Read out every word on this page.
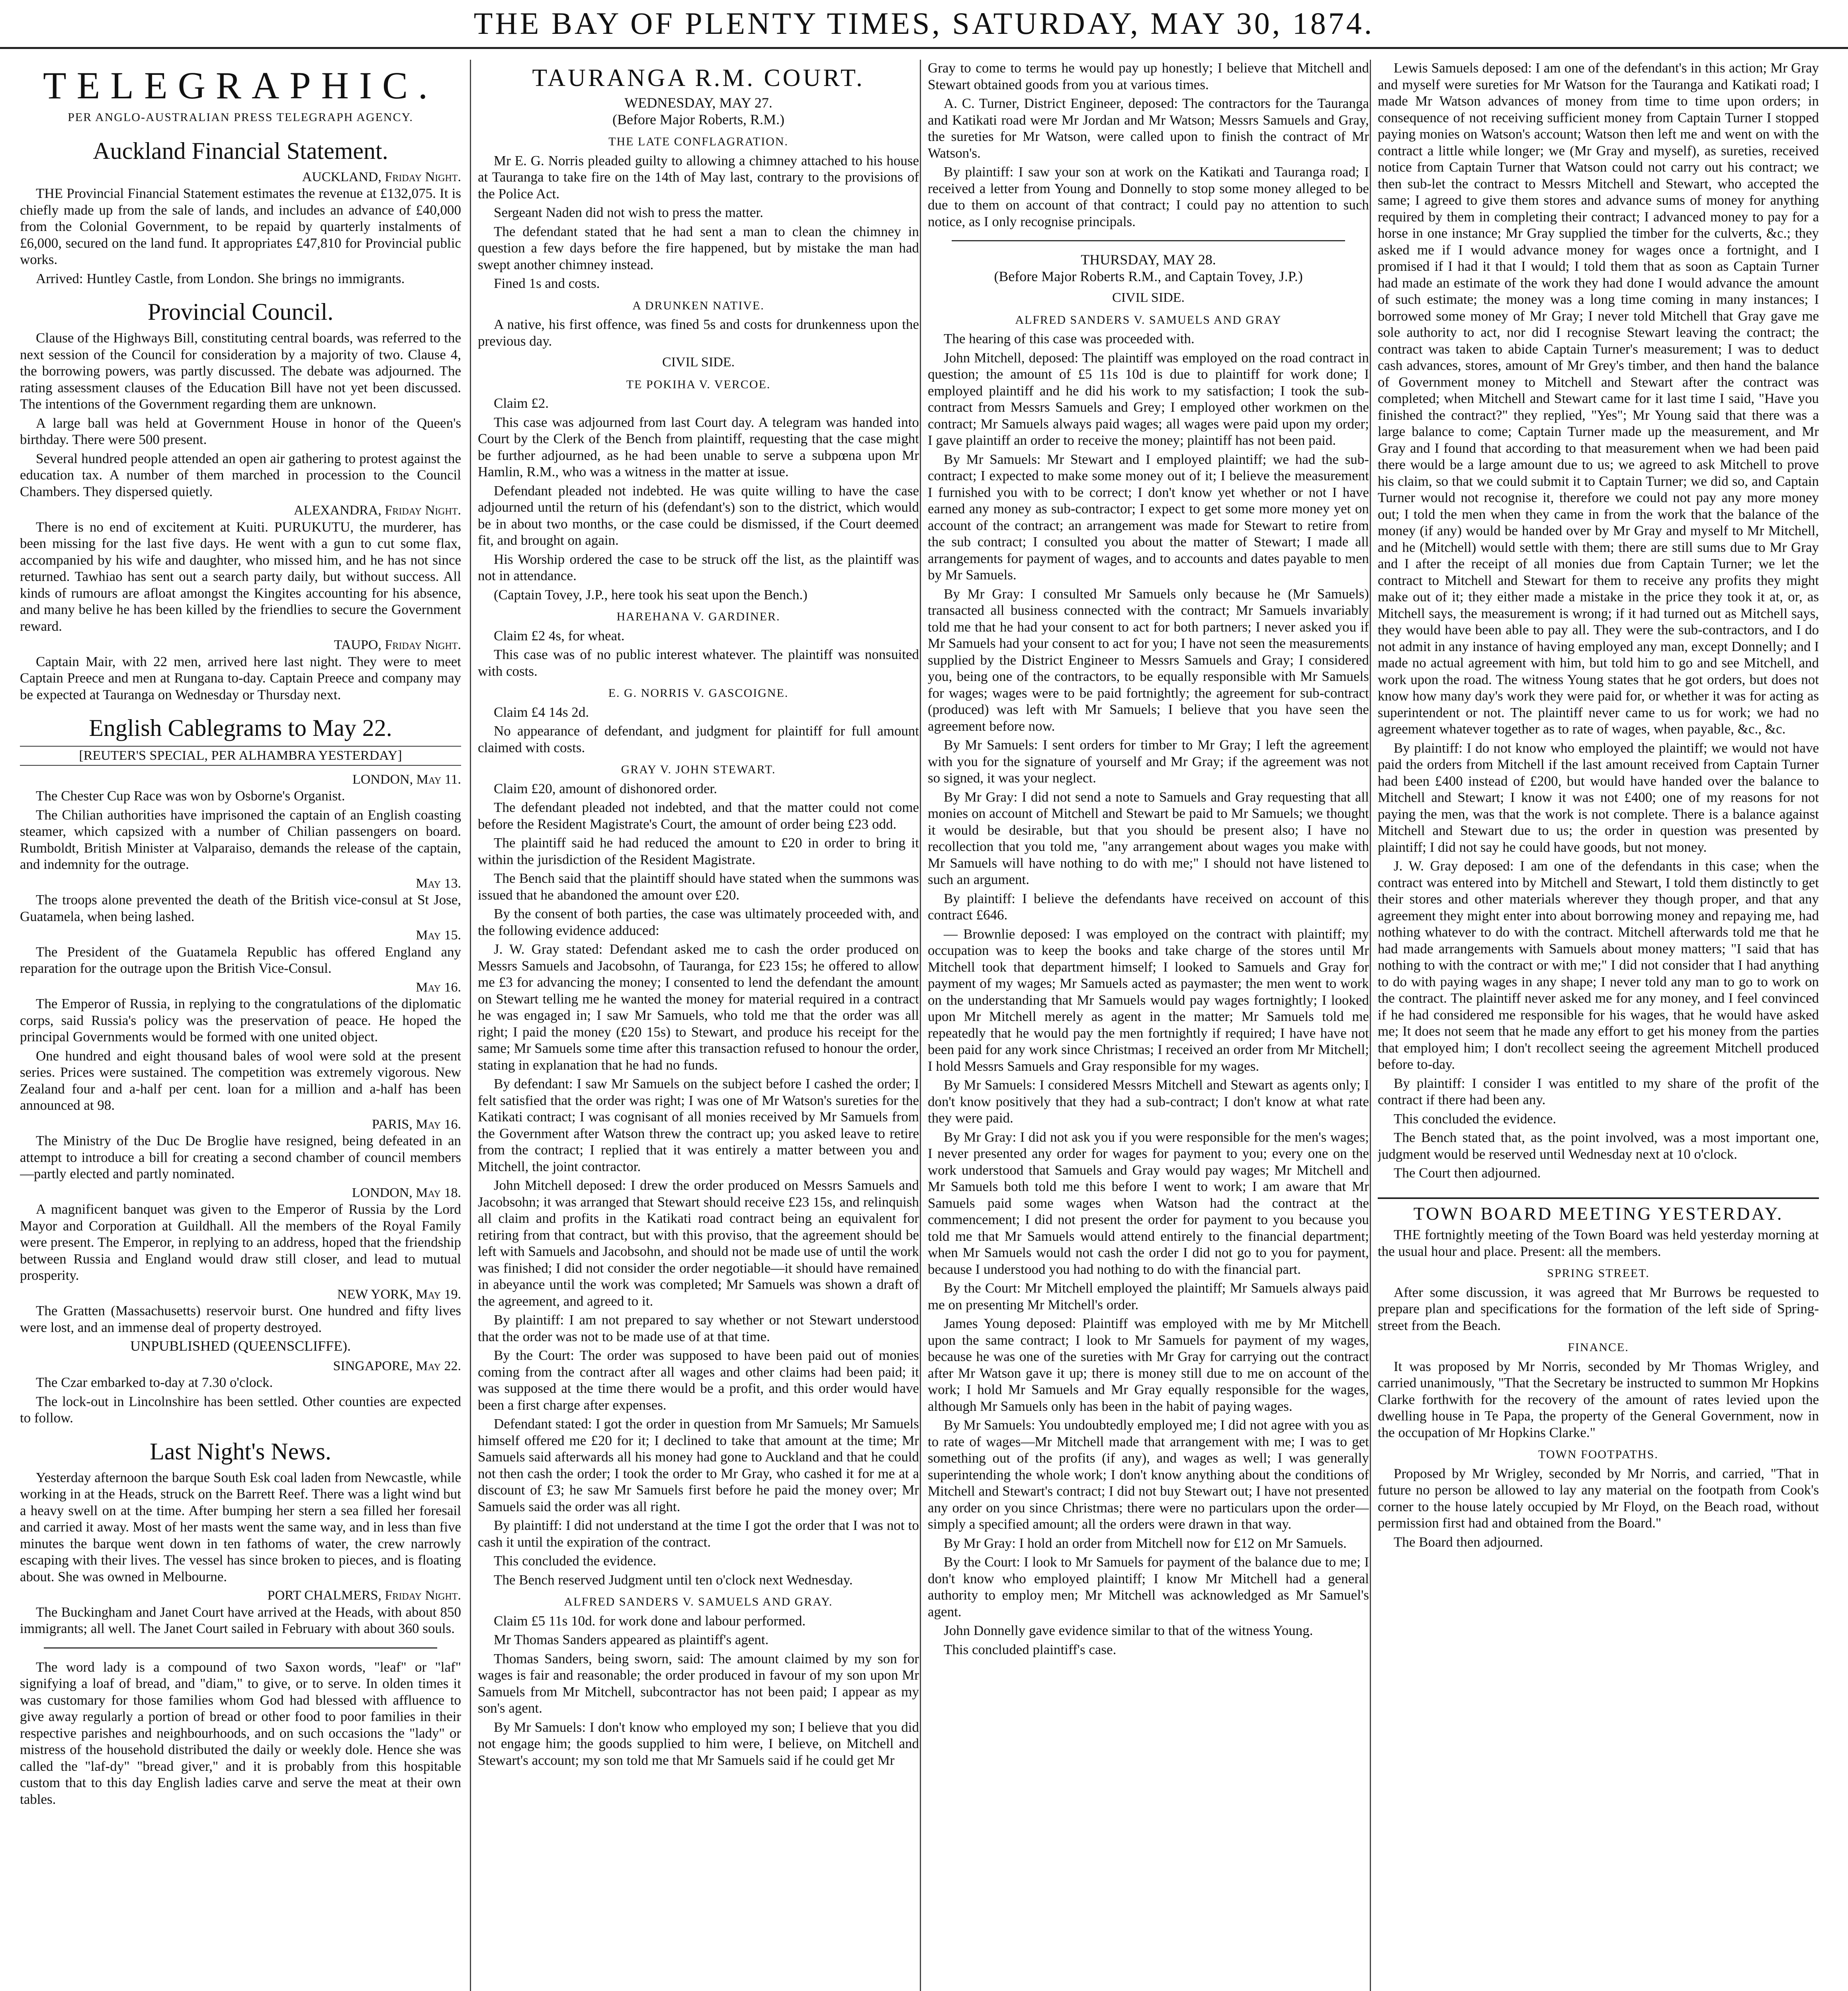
THE BAY OF PLENTY TIMES, SATURDAY, MAY 30, 1874.
TELEGRAPHIC.
PER ANGLO-AUSTRALIAN PRESS TELEGRAPH AGENCY.
Auckland Financial Statement.
AUCKLAND, Friday Night.

THE Provincial Financial Statement estimates the revenue at £132,075. It is chiefly made up from the sale of lands, and includes an advance of £40,000 from the Colonial Government, to be repaid by quarterly instalments of £6,000, secured on the land fund. It appropriates £47,810 for Provincial public works.

Arrived: Huntley Castle, from London. She brings no immigrants.

Provincial Council.

Clause of the Highways Bill, constituting central boards, was referred to the next session of the Council for consideration by a majority of two. Clause 4, the borrowing powers, was partly discussed. The debate was adjourned. The rating assessment clauses of the Education Bill have not yet been discussed. The intentions of the Government regarding them are unknown.

A large ball was held at Government House in honor of the Queen's birthday. There were 500 present.

Several hundred people attended an open air gathering to protest against the education tax. A number of them marched in procession to the Council Chambers. They dispersed quietly.

ALEXANDRA, Friday Night.

There is no end of excitement at Kuiti. PURUKUTU, the murderer, has been missing for the last five days. He went with a gun to cut some flax, accompanied by his wife and daughter, who missed him, and he has not since returned. Tawhiao has sent out a search party daily, but without success. All kinds of rumours are afloat amongst the Kingites accounting for his absence, and many belive he has been killed by the friendlies to secure the Government reward.

TAUPO, Friday Night.

Captain Mair, with 22 men, arrived here last night. They were to meet Captain Preece and men at Rungana to-day. Captain Preece and company may be expected at Tauranga on Wednesday or Thursday next.

English Cablegrams to May 22.
[REUTER'S SPECIAL, PER ALHAMBRA YESTERDAY]
LONDON, May 11.

The Chester Cup Race was won by Osborne's Organist.

The Chilian authorities have imprisoned the captain of an English coasting steamer, which capsized with a number of Chilian passengers on board. Rumboldt, British Minister at Valparaiso, demands the release of the captain, and indemnity for the outrage.

May 13.

The troops alone prevented the death of the British vice-consul at St Jose, Guatamela, when being lashed.

May 15.

The President of the Guatamela Republic has offered England any reparation for the outrage upon the British Vice-Consul.

May 16.

The Emperor of Russia, in replying to the congratulations of the diplomatic corps, said Russia's policy was the preservation of peace. He hoped the principal Governments would be formed with one united object.

One hundred and eight thousand bales of wool were sold at the present series. Prices were sustained. The competition was extremely vigorous. New Zealand four and a-half per cent. loan for a million and a-half has been announced at 98.

PARIS, May 16.

The Ministry of the Duc De Broglie have resigned, being defeated in an attempt to introduce a bill for creating a second chamber of council members—partly elected and partly nominated.

LONDON, May 18.

A magnificent banquet was given to the Emperor of Russia by the Lord Mayor and Corporation at Guildhall. All the members of the Royal Family were present. The Emperor, in replying to an address, hoped that the friendship between Russia and England would draw still closer, and lead to mutual prosperity.

NEW YORK, May 19.

The Gratten (Massachusetts) reservoir burst. One hundred and fifty lives were lost, and an immense deal of property destroyed.

UNPUBLISHED (QUEENSCLIFFE).
SINGAPORE, May 22.

The Czar embarked to-day at 7.30 o'clock.

The lock-out in Lincolnshire has been settled. Other counties are expected to follow.

Last Night's News.

Yesterday afternoon the barque South Esk coal laden from Newcastle, while working in at the Heads, struck on the Barrett Reef. There was a light wind but a heavy swell on at the time. After bumping her stern a sea filled her foresail and carried it away. Most of her masts went the same way, and in less than five minutes the barque went down in ten fathoms of water, the crew narrowly escaping with their lives. The vessel has since broken to pieces, and is floating about. She was owned in Melbourne.

PORT CHALMERS, Friday Night.

The Buckingham and Janet Court have arrived at the Heads, with about 850 immigrants; all well. The Janet Court sailed in February with about 360 souls.

The word lady is a compound of two Saxon words, "leaf" or "laf" signifying a loaf of bread, and "diam," to give, or to serve. In olden times it was customary for those families whom God had blessed with affluence to give away regularly a portion of bread or other food to poor families in their respective parishes and neighbourhoods, and on such occasions the "lady" or mistress of the household distributed the daily or weekly dole. Hence she was called the "laf-dy" "bread giver," and it is probably from this hospitable custom that to this day English ladies carve and serve the meat at their own tables.

TAURANGA R.M. COURT.
WEDNESDAY, MAY 27.
(Before Major Roberts, R.M.)
THE LATE CONFLAGRATION.

Mr E. G. Norris pleaded guilty to allowing a chimney attached to his house at Tauranga to take fire on the 14th of May last, contrary to the provisions of the Police Act.

Sergeant Naden did not wish to press the matter.

The defendant stated that he had sent a man to clean the chimney in question a few days before the fire happened, but by mistake the man had swept another chimney instead.

Fined 1s and costs.

A DRUNKEN NATIVE.

A native, his first offence, was fined 5s and costs for drunkenness upon the previous day.

CIVIL SIDE.
TE POKIHA V. VERCOE.

Claim £2.

This case was adjourned from last Court day. A telegram was handed into Court by the Clerk of the Bench from plaintiff, requesting that the case might be further adjourned, as he had been unable to serve a subpœna upon Mr Hamlin, R.M., who was a witness in the matter at issue.

Defendant pleaded not indebted. He was quite willing to have the case adjourned until the return of his (defendant's) son to the district, which would be in about two months, or the case could be dismissed, if the Court deemed fit, and brought on again.

His Worship ordered the case to be struck off the list, as the plaintiff was not in attendance.

(Captain Tovey, J.P., here took his seat upon the Bench.)

HAREHANA V. GARDINER.

Claim £2 4s, for wheat.

This case was of no public interest whatever. The plaintiff was nonsuited with costs.

E. G. NORRIS V. GASCOIGNE.

Claim £4 14s 2d.

No appearance of defendant, and judgment for plaintiff for full amount claimed with costs.

GRAY V. JOHN STEWART.

Claim £20, amount of dishonored order.

The defendant pleaded not indebted, and that the matter could not come before the Resident Magistrate's Court, the amount of order being £23 odd.

The plaintiff said he had reduced the amount to £20 in order to bring it within the jurisdiction of the Resident Magistrate.

The Bench said that the plaintiff should have stated when the summons was issued that he abandoned the amount over £20.

By the consent of both parties, the case was ultimately proceeded with, and the following evidence adduced:

J. W. Gray stated: Defendant asked me to cash the order produced on Messrs Samuels and Jacobsohn, of Tauranga, for £23 15s; he offered to allow me £3 for advancing the money; I consented to lend the defendant the amount on Stewart telling me he wanted the money for material required in a contract he was engaged in; I saw Mr Samuels, who told me that the order was all right; I paid the money (£20 15s) to Stewart, and produce his receipt for the same; Mr Samuels some time after this transaction refused to honour the order, stating in explanation that he had no funds.

By defendant: I saw Mr Samuels on the subject before I cashed the order; I felt satisfied that the order was right; I was one of Mr Watson's sureties for the Katikati contract; I was cognisant of all monies received by Mr Samuels from the Government after Watson threw the contract up; you asked leave to retire from the contract; I replied that it was entirely a matter between you and Mitchell, the joint contractor.

John Mitchell deposed: I drew the order produced on Messrs Samuels and Jacobsohn; it was arranged that Stewart should receive £23 15s, and relinquish all claim and profits in the Katikati road contract being an equivalent for retiring from that contract, but with this proviso, that the agreement should be left with Samuels and Jacobsohn, and should not be made use of until the work was finished; I did not consider the order negotiable—it should have remained in abeyance until the work was completed; Mr Samuels was shown a draft of the agreement, and agreed to it.

By plaintiff: I am not prepared to say whether or not Stewart understood that the order was not to be made use of at that time.

By the Court: The order was supposed to have been paid out of monies coming from the contract after all wages and other claims had been paid; it was supposed at the time there would be a profit, and this order would have been a first charge after expenses.

Defendant stated: I got the order in question from Mr Samuels; Mr Samuels himself offered me £20 for it; I declined to take that amount at the time; Mr Samuels said afterwards all his money had gone to Auckland and that he could not then cash the order; I took the order to Mr Gray, who cashed it for me at a discount of £3; he saw Mr Samuels first before he paid the money over; Mr Samuels said the order was all right.

By plaintiff: I did not understand at the time I got the order that I was not to cash it until the expiration of the contract.

This concluded the evidence.

The Bench reserved Judgment until ten o'clock next Wednesday.

ALFRED SANDERS V. SAMUELS AND GRAY.

Claim £5 11s 10d. for work done and labour performed.

Mr Thomas Sanders appeared as plaintiff's agent.

Thomas Sanders, being sworn, said: The amount claimed by my son for wages is fair and reasonable; the order produced in favour of my son upon Mr Samuels from Mr Mitchell, subcontractor has not been paid; I appear as my son's agent.

By Mr Samuels: I don't know who employed my son; I believe that you did not engage him; the goods supplied to him were, I believe, on Mitchell and Stewart's account; my son told me that Mr Samuels said if he could get Mr

Gray to come to terms he would pay up honestly; I believe that Mitchell and Stewart obtained goods from you at various times.

A. C. Turner, District Engineer, deposed: The contractors for the Tauranga and Katikati road were Mr Jordan and Mr Watson; Messrs Samuels and Gray, the sureties for Mr Watson, were called upon to finish the contract of Mr Watson's.

By plaintiff: I saw your son at work on the Katikati and Tauranga road; I received a letter from Young and Donnelly to stop some money alleged to be due to them on account of that contract; I could pay no attention to such notice, as I only recognise principals.

THURSDAY, MAY 28.
(Before Major Roberts R.M., and Captain Tovey, J.P.)
CIVIL SIDE.
ALFRED SANDERS V. SAMUELS AND GRAY

The hearing of this case was proceeded with.

John Mitchell, deposed: The plaintiff was employed on the road contract in question; the amount of £5 11s 10d is due to plaintiff for work done; I employed plaintiff and he did his work to my satisfaction; I took the sub-contract from Messrs Samuels and Grey; I employed other workmen on the contract; Mr Samuels always paid wages; all wages were paid upon my order; I gave plaintiff an order to receive the money; plaintiff has not been paid.

By Mr Samuels: Mr Stewart and I employed plaintiff; we had the sub-contract; I expected to make some money out of it; I believe the measurement I furnished you with to be correct; I don't know yet whether or not I have earned any money as sub-contractor; I expect to get some more money yet on account of the contract; an arrangement was made for Stewart to retire from the sub contract; I consulted you about the matter of Stewart; I made all arrangements for payment of wages, and to accounts and dates payable to men by Mr Samuels.

By Mr Gray: I consulted Mr Samuels only because he (Mr Samuels) transacted all business connected with the contract; Mr Samuels invariably told me that he had your consent to act for both partners; I never asked you if Mr Samuels had your consent to act for you; I have not seen the measurements supplied by the District Engineer to Messrs Samuels and Gray; I considered you, being one of the contractors, to be equally responsible with Mr Samuels for wages; wages were to be paid fortnightly; the agreement for sub-contract (produced) was left with Mr Samuels; I believe that you have seen the agreement before now.

By Mr Samuels: I sent orders for timber to Mr Gray; I left the agreement with you for the signature of yourself and Mr Gray; if the agreement was not so signed, it was your neglect.

By Mr Gray: I did not send a note to Samuels and Gray requesting that all monies on account of Mitchell and Stewart be paid to Mr Samuels; we thought it would be desirable, but that you should be present also; I have no recollection that you told me, "any arrangement about wages you make with Mr Samuels will have nothing to do with me;" I should not have listened to such an argument.

By plaintiff: I believe the defendants have received on account of this contract £646.

— Brownlie deposed: I was employed on the contract with plaintiff; my occupation was to keep the books and take charge of the stores until Mr Mitchell took that department himself; I looked to Samuels and Gray for payment of my wages; Mr Samuels acted as paymaster; the men went to work on the understanding that Mr Samuels would pay wages fortnightly; I looked upon Mr Mitchell merely as agent in the matter; Mr Samuels told me repeatedly that he would pay the men fortnightly if required; I have have not been paid for any work since Christmas; I received an order from Mr Mitchell; I hold Messrs Samuels and Gray responsible for my wages.

By Mr Samuels: I considered Messrs Mitchell and Stewart as agents only; I don't know positively that they had a sub-contract; I don't know at what rate they were paid.

By Mr Gray: I did not ask you if you were responsible for the men's wages; I never presented any order for wages for payment to you; every one on the work understood that Samuels and Gray would pay wages; Mr Mitchell and Mr Samuels both told me this before I went to work; I am aware that Mr Samuels paid some wages when Watson had the contract at the commencement; I did not present the order for payment to you because you told me that Mr Samuels would attend entirely to the financial department; when Mr Samuels would not cash the order I did not go to you for payment, because I understood you had nothing to do with the financial part.

By the Court: Mr Mitchell employed the plaintiff; Mr Samuels always paid me on presenting Mr Mitchell's order.

James Young deposed: Plaintiff was employed with me by Mr Mitchell upon the same contract; I look to Mr Samuels for payment of my wages, because he was one of the sureties with Mr Gray for carrying out the contract after Mr Watson gave it up; there is money still due to me on account of the work; I hold Mr Samuels and Mr Gray equally responsible for the wages, although Mr Samuels only has been in the habit of paying wages.

By Mr Samuels: You undoubtedly employed me; I did not agree with you as to rate of wages—Mr Mitchell made that arrangement with me; I was to get something out of the profits (if any), and wages as well; I was generally superintending the whole work; I don't know anything about the conditions of Mitchell and Stewart's contract; I did not buy Stewart out; I have not presented any order on you since Christmas; there were no particulars upon the order—simply a specified amount; all the orders were drawn in that way.

By Mr Gray: I hold an order from Mitchell now for £12 on Mr Samuels.

By the Court: I look to Mr Samuels for payment of the balance due to me; I don't know who employed plaintiff; I know Mr Mitchell had a general authority to employ men; Mr Mitchell was acknowledged as Mr Samuel's agent.

John Donnelly gave evidence similar to that of the witness Young.

This concluded plaintiff's case.

Lewis Samuels deposed: I am one of the defendant's in this action; Mr Gray and myself were sureties for Mr Watson for the Tauranga and Katikati road; I made Mr Watson advances of money from time to time upon orders; in consequence of not receiving sufficient money from Captain Turner I stopped paying monies on Watson's account; Watson then left me and went on with the contract a little while longer; we (Mr Gray and myself), as sureties, received notice from Captain Turner that Watson could not carry out his contract; we then sub-let the contract to Messrs Mitchell and Stewart, who accepted the same; I agreed to give them stores and advance sums of money for anything required by them in completing their contract; I advanced money to pay for a horse in one instance; Mr Gray supplied the timber for the culverts, &c.; they asked me if I would advance money for wages once a fortnight, and I promised if I had it that I would; I told them that as soon as Captain Turner had made an estimate of the work they had done I would advance the amount of such estimate; the money was a long time coming in many instances; I borrowed some money of Mr Gray; I never told Mitchell that Gray gave me sole authority to act, nor did I recognise Stewart leaving the contract; the contract was taken to abide Captain Turner's measurement; I was to deduct cash advances, stores, amount of Mr Grey's timber, and then hand the balance of Government money to Mitchell and Stewart after the contract was completed; when Mitchell and Stewart came for it last time I said, "Have you finished the contract?" they replied, "Yes"; Mr Young said that there was a large balance to come; Captain Turner made up the measurement, and Mr Gray and I found that according to that measurement when we had been paid there would be a large amount due to us; we agreed to ask Mitchell to prove his claim, so that we could submit it to Captain Turner; we did so, and Captain Turner would not recognise it, therefore we could not pay any more money out; I told the men when they came in from the work that the balance of the money (if any) would be handed over by Mr Gray and myself to Mr Mitchell, and he (Mitchell) would settle with them; there are still sums due to Mr Gray and I after the receipt of all monies due from Captain Turner; we let the contract to Mitchell and Stewart for them to receive any profits they might make out of it; they either made a mistake in the price they took it at, or, as Mitchell says, the measurement is wrong; if it had turned out as Mitchell says, they would have been able to pay all. They were the sub-contractors, and I do not admit in any instance of having employed any man, except Donnelly; and I made no actual agreement with him, but told him to go and see Mitchell, and work upon the road. The witness Young states that he got orders, but does not know how many day's work they were paid for, or whether it was for acting as superintendent or not. The plaintiff never came to us for work; we had no agreement whatever together as to rate of wages, when payable, &c., &c.

By plaintiff: I do not know who employed the plaintiff; we would not have paid the orders from Mitchell if the last amount received from Captain Turner had been £400 instead of £200, but would have handed over the balance to Mitchell and Stewart; I know it was not £400; one of my reasons for not paying the men, was that the work is not complete. There is a balance against Mitchell and Stewart due to us; the order in question was presented by plaintiff; I did not say he could have goods, but not money.

J. W. Gray deposed: I am one of the defendants in this case; when the contract was entered into by Mitchell and Stewart, I told them distinctly to get their stores and other materials wherever they though proper, and that any agreement they might enter into about borrowing money and repaying me, had nothing whatever to do with the contract. Mitchell afterwards told me that he had made arrangements with Samuels about money matters; "I said that has nothing to with the contract or with me;" I did not consider that I had anything to do with paying wages in any shape; I never told any man to go to work on the contract. The plaintiff never asked me for any money, and I feel convinced if he had considered me responsible for his wages, that he would have asked me; It does not seem that he made any effort to get his money from the parties that employed him; I don't recollect seeing the agreement Mitchell produced before to-day.

By plaintiff: I consider I was entitled to my share of the profit of the contract if there had been any.

This concluded the evidence.

The Bench stated that, as the point involved, was a most important one, judgment would be reserved until Wednesday next at 10 o'clock.

The Court then adjourned.

TOWN BOARD MEETING YESTERDAY.

THE fortnightly meeting of the Town Board was held yesterday morning at the usual hour and place. Present: all the members.

SPRING STREET.

After some discussion, it was agreed that Mr Burrows be requested to prepare plan and specifications for the formation of the left side of Spring-street from the Beach.

FINANCE.

It was proposed by Mr Norris, seconded by Mr Thomas Wrigley, and carried unanimously, "That the Secretary be instructed to summon Mr Hopkins Clarke forthwith for the recovery of the amount of rates levied upon the dwelling house in Te Papa, the property of the General Government, now in the occupation of Mr Hopkins Clarke."

TOWN FOOTPATHS.

Proposed by Mr Wrigley, seconded by Mr Norris, and carried, "That in future no person be allowed to lay any material on the footpath from Cook's corner to the house lately occupied by Mr Floyd, on the Beach road, without permission first had and obtained from the Board."

The Board then adjourned.
